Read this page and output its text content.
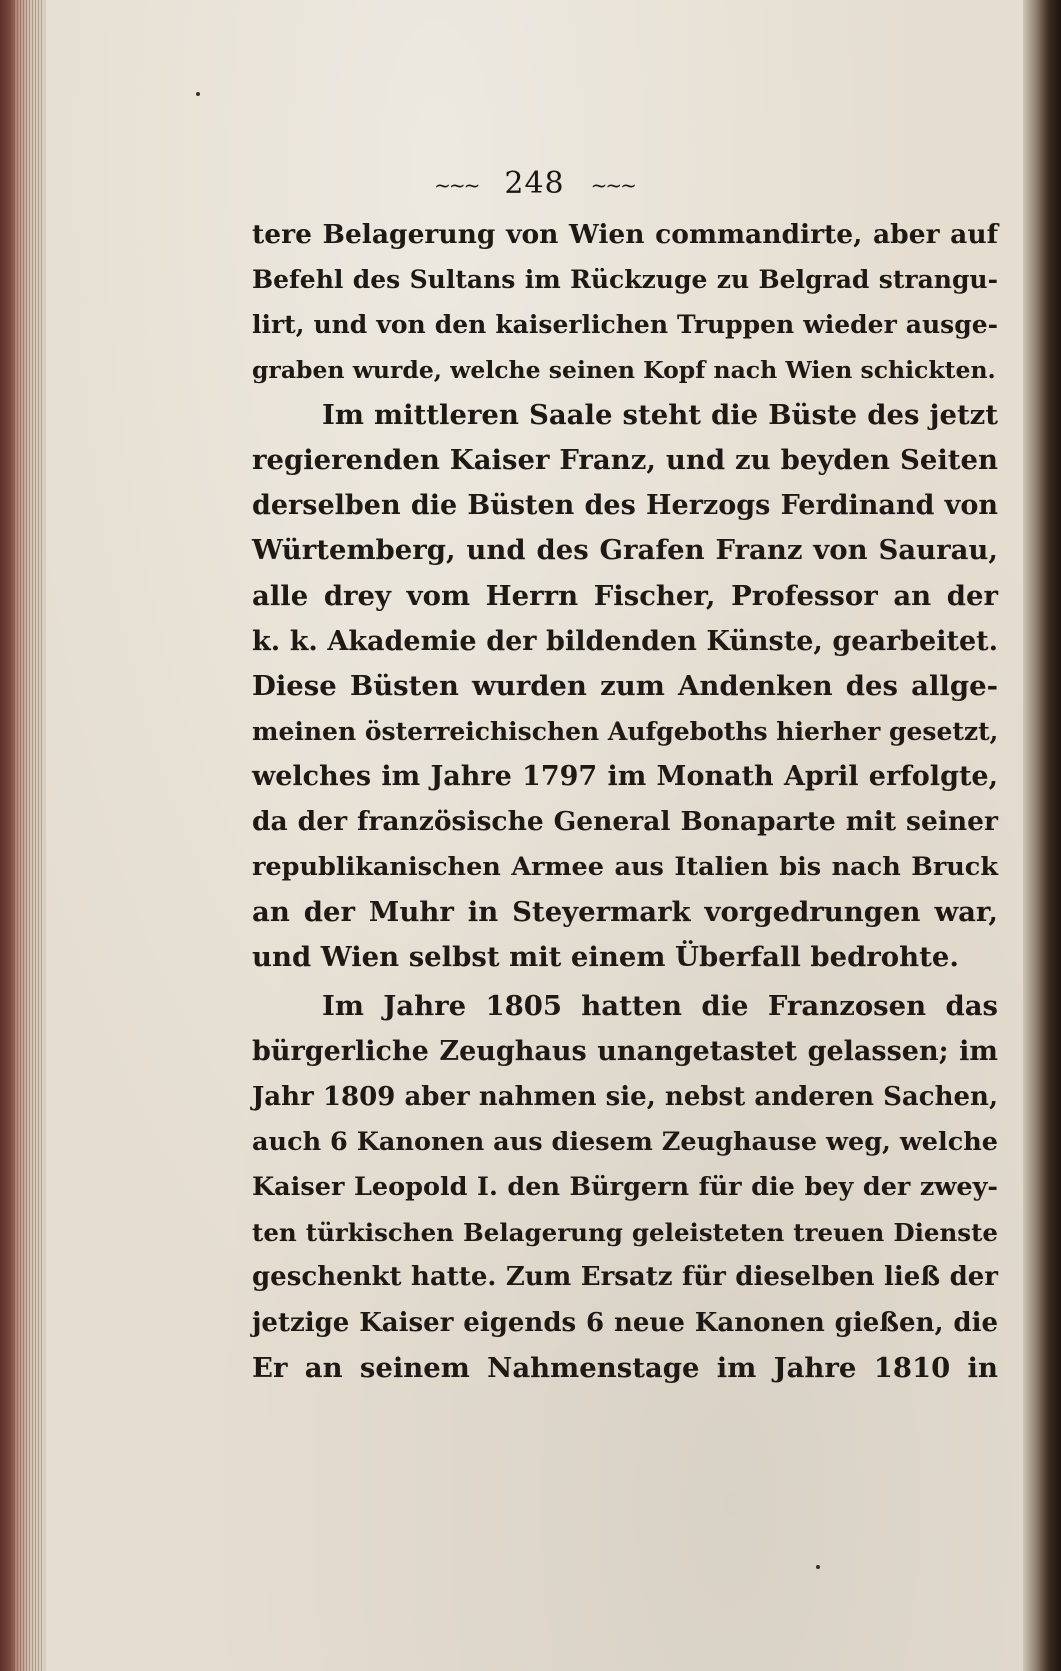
~~~ 248 ~~~
tere Belagerung von Wien commandirte, aber auf
Befehl des Sultans im Rückzuge zu Belgrad strangu-
lirt, und von den kaiserlichen Truppen wieder ausge-
graben wurde, welche seinen Kopf nach Wien schickten.
Im mittleren Saale steht die Büste des jetzt
regierenden Kaiser Franz, und zu beyden Seiten
derselben die Büsten des Herzogs Ferdinand von
Würtemberg, und des Grafen Franz von Saurau,
alle drey vom Herrn Fischer, Professor an der
k. k. Akademie der bildenden Künste, gearbeitet.
Diese Büsten wurden zum Andenken des allge-
meinen österreichischen Aufgeboths hierher gesetzt,
welches im Jahre 1797 im Monath April erfolgte,
da der französische General Bonaparte mit seiner
republikanischen Armee aus Italien bis nach Bruck
an der Muhr in Steyermark vorgedrungen war,
und Wien selbst mit einem Überfall bedrohte.
Im Jahre 1805 hatten die Franzosen das
bürgerliche Zeughaus unangetastet gelassen; im
Jahr 1809 aber nahmen sie, nebst anderen Sachen,
auch 6 Kanonen aus diesem Zeughause weg, welche
Kaiser Leopold I. den Bürgern für die bey der zwey-
ten türkischen Belagerung geleisteten treuen Dienste
geschenkt hatte. Zum Ersatz für dieselben ließ der
jetzige Kaiser eigends 6 neue Kanonen gießen, die
Er an seinem Nahmenstage im Jahre 1810 in
